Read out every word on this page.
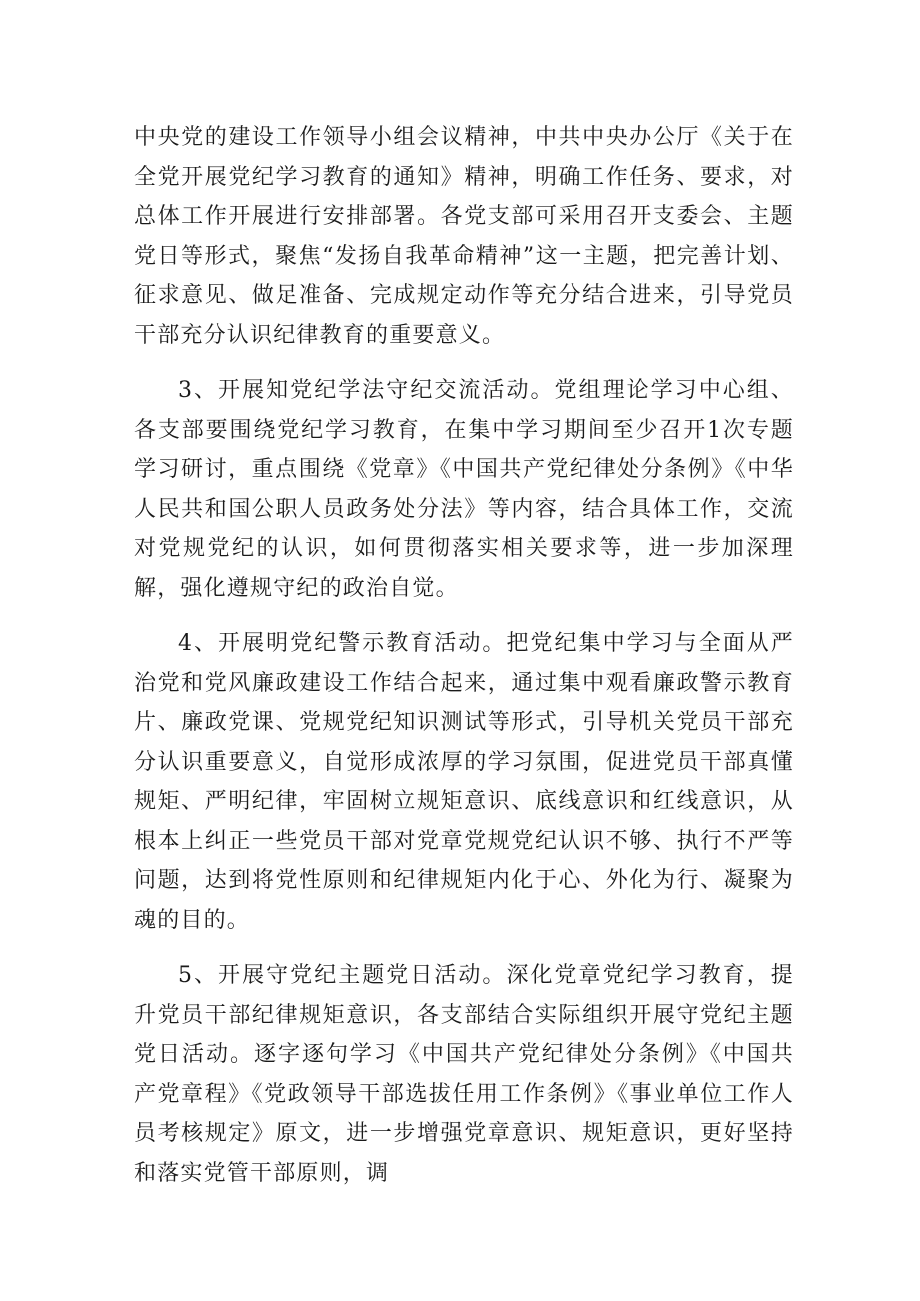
中央党的建设工作领导小组会议精神，中共中央办公厅《关于在全党开展党纪学习教育的通知》精神，明确工作任务、要求，对总体工作开展进行安排部署。各党支部可采用召开支委会、主题党日等形式，聚焦“发扬自我革命精神”这一主题，把完善计划、征求意见、做足准备、完成规定动作等充分结合进来，引导党员干部充分认识纪律教育的重要意义。

3、开展知党纪学法守纪交流活动。党组理论学习中心组、各支部要围绕党纪学习教育，在集中学习期间至少召开1次专题学习研讨，重点围绕《党章》《中国共产党纪律处分条例》《中华人民共和国公职人员政务处分法》等内容，结合具体工作，交流对党规党纪的认识，如何贯彻落实相关要求等，进一步加深理解，强化遵规守纪的政治自觉。

4、开展明党纪警示教育活动。把党纪集中学习与全面从严治党和党风廉政建设工作结合起来，通过集中观看廉政警示教育片、廉政党课、党规党纪知识测试等形式，引导机关党员干部充分认识重要意义，自觉形成浓厚的学习氛围，促进党员干部真懂规矩、严明纪律，牢固树立规矩意识、底线意识和红线意识，从根本上纠正一些党员干部对党章党规党纪认识不够、执行不严等问题，达到将党性原则和纪律规矩内化于心、外化为行、凝聚为魂的目的。

5、开展守党纪主题党日活动。深化党章党纪学习教育，提升党员干部纪律规矩意识，各支部结合实际组织开展守党纪主题党日活动。逐字逐句学习《中国共产党纪律处分条例》《中国共产党章程》《党政领导干部选拔任用工作条例》《事业单位工作人员考核规定》原文，进一步增强党章意识、规矩意识，更好坚持和落实党管干部原则，调
